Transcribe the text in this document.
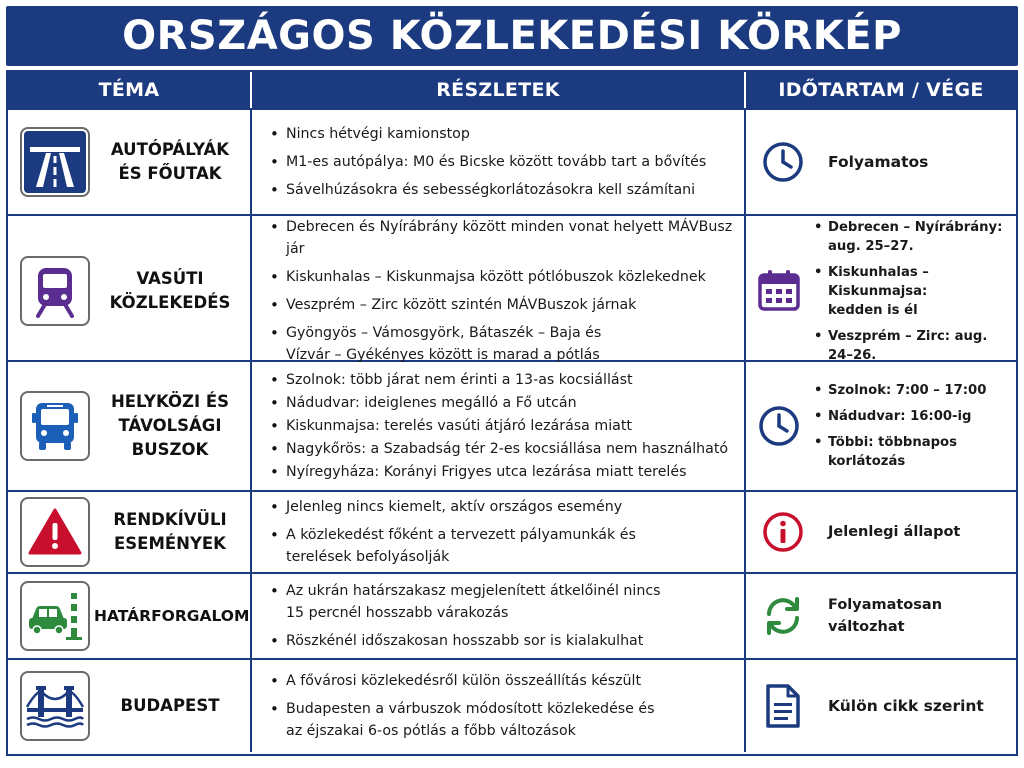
ORSZÁGOS KÖZLEKEDÉSI KÖRKÉP
TÉMA	RÉSZLETEK	IDŐTARTAM / VÉGE
AUTÓPÁLYÁK
ÉS FŐUTAK
• Nincs hétvégi kamionstop
• M1-es autópálya: M0 és Bicske között tovább tart a bővítés
• Sávelhúzásokra és sebességkorlátozásokra kell számítani
Folyamatos
VASÚTI
KÖZLEKEDÉS
• Debrecen és Nyírábrány között minden vonat helyett MÁVBusz jár
• Kiskunhalas – Kiskunmajsa között pótlóbuszok közlekednek
• Veszprém – Zirc között szintén MÁVBuszok járnak
• Gyöngyös – Vámosgyörk, Bátaszék – Baja és
Vízvár – Gyékényes között is marad a pótlás
• Debrecen – Nyírábrány:
aug. 25–27.
• Kiskunhalas – Kiskunmajsa:
kedden is él
• Veszprém – Zirc: aug. 24–26.
HELYKÖZI ÉS
TÁVOLSÁGI
BUSZOK
• Szolnok: több járat nem érinti a 13-as kocsiállást
• Nádudvar: ideiglenes megálló a Fő utcán
• Kiskunmajsa: terelés vasúti átjáró lezárása miatt
• Nagykőrös: a Szabadság tér 2-es kocsiállása nem használható
• Nyíregyháza: Korányi Frigyes utca lezárása miatt terelés
• Szolnok: 7:00 – 17:00
• Nádudvar: 16:00-ig
• Többi: többnapos korlátozás
RENDKÍVÜLI
ESEMÉNYEK
• Jelenleg nincs kiemelt, aktív országos esemény
• A közlekedést főként a tervezett pályamunkák és
terelések befolyásolják
Jelenlegi állapot
HATÁRFORGALOM
• Az ukrán határszakasz megjelenített átkelőinél nincs
15 percnél hosszabb várakozás
• Röszkénél időszakosan hosszabb sor is kialakulhat
Folyamatosan
változhat
BUDAPEST
• A fővárosi közlekedésről külön összeállítás készült
• Budapesten a várbuszok módosított közlekedése és
az éjszakai 6-os pótlás a főbb változások
Külön cikk szerint
